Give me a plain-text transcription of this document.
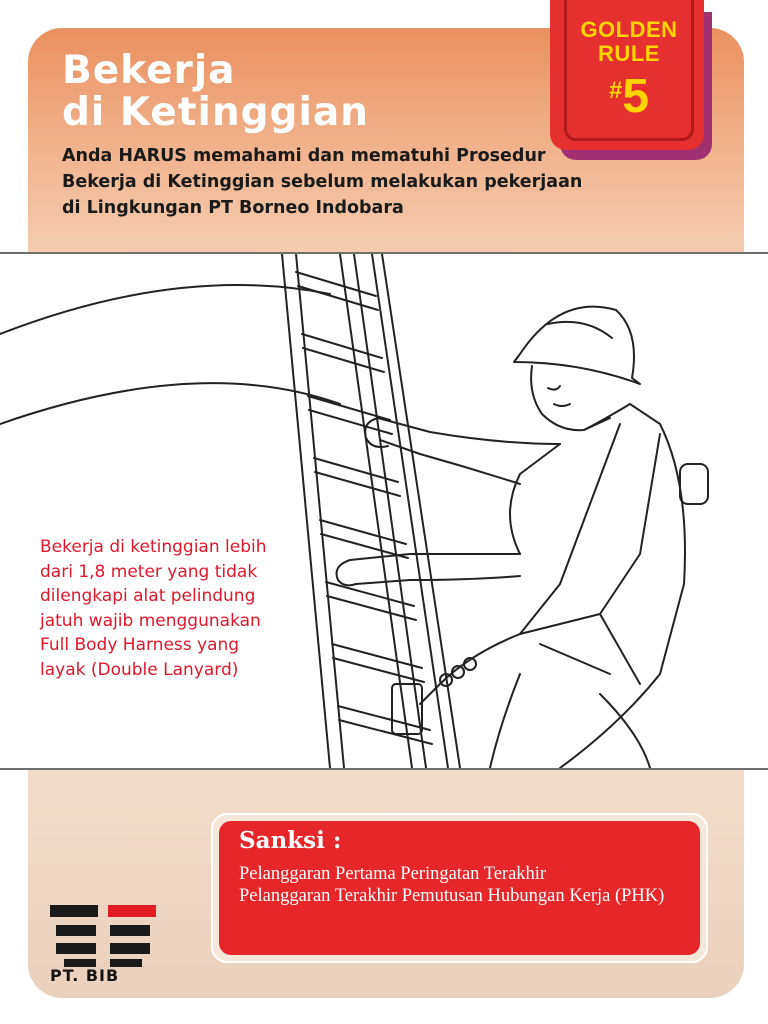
Bekerja
di Ketinggian
Anda HARUS memahami dan mematuhi Prosedur Bekerja di Ketinggian sebelum melakukan pekerjaan di Lingkungan PT Borneo Indobara
GOLDEN
RULE
#5
Bekerja di ketinggian lebih dari 1,8 meter yang tidak dilengkapi alat pelindung jatuh wajib menggunakan Full Body Harness yang layak (Double Lanyard)
Sanksi :
Pelanggaran Pertama Peringatan Terakhir
Pelanggaran Terakhir Pemutusan Hubungan Kerja (PHK)
PT. BIB
